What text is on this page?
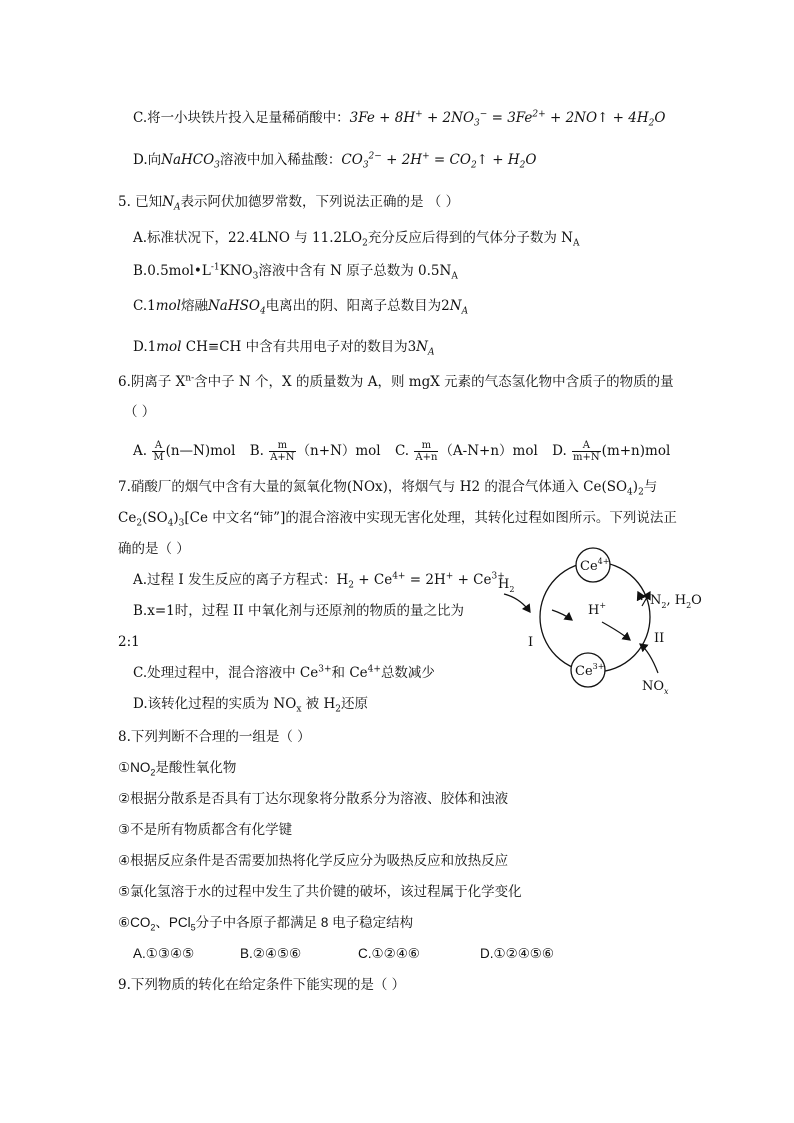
C.将一小块铁片投入足量稀硝酸中：$3Fe + 8H^+ + 2NO_3^- = 3Fe^{2+}$ + 2NO↑ + $4H_2O$
D.向NaHCO$_3$溶液中加入稀盐酸：$CO_3^{2-} + 2H^+$ = $CO_2↑ + H_2O$
5. 已知$N_A$表示阿伏加德罗常数，下列说法正确的是 （ ）
A.标准状况下，22.4LNO 与 $11.2LO_2$充分反应后得到的气体分子数为 $N_A$
$B.0.5mol•L^{-1}KNO_3$溶液中含有 N 原子总数为 $0.5N_A$
C.1mol熔融NaHSO$_4$电离出的阴、阳离子总数目为$2N_A$
D.1mol CH≡CH 中含有共用电子对的数目为$3N_A$
6.阴离子 $X^{n-}$含中子 N 个，X 的质量数为 A，则 mgX 元素的气态氢化物中含质子的物质的量
（ ）
A. $\frac{A}{M}$ (n—N)mol B. $\frac{m}{A+N} (n+N)mol$ C. $\frac{m}{A+n} (A-N+n)mol$ D. $\frac{A}{m+N} (m+n)mol$
7.硝酸厂的烟气中含有大量的氮氧化物(NOx)，将烟气与 H2 的混合气体通入 $Ce(SO_4)_2$与
$Ce_2(SO_4)_3[Ce$ 中文名“铈”]的混合溶液中实现无害化处理，其转化过程如图所示。下列说法正
确的是（ ）
A.过程 I 发生反应的离子方程式：$H_2 + Ce^{4+} = 2H^+ + Ce^{3+}$
B.x=1时，过程 II 中氧化剂与还原剂的物质的量之比为
2:1
C.处理过程中，混合溶液中 $Ce^{3+}$和 $Ce^{4+}$总数减少
D.该转化过程的实质为 $NO_x$ 被 $H_2$还原
$Ce^{4+}$
$Ce^{3+}$
$H_2$
H+	$N_2$, $H_2O$
I	II
$NO_x$
8.下列判断不合理的一组是（ ）
$①NO_2$是酸性氧化物
②根据分散系是否具有丁达尔现象将分散系分为溶液、胶体和浊液
③不是所有物质都含有化学键
④根据反应条件是否需要加热将化学反应分为吸热反应和放热反应
⑤氯化氢溶于水的过程中发生了共价键的破坏，该过程属于化学变化
$⑥CO_2$、PCl$_5$分子中各原子都满足 8 电子稳定结构
A.①③④⑤	B.②④⑤⑥	C.①②④⑥	D.①②④⑤⑥
9.下列物质的转化在给定条件下能实现的是（ ）
